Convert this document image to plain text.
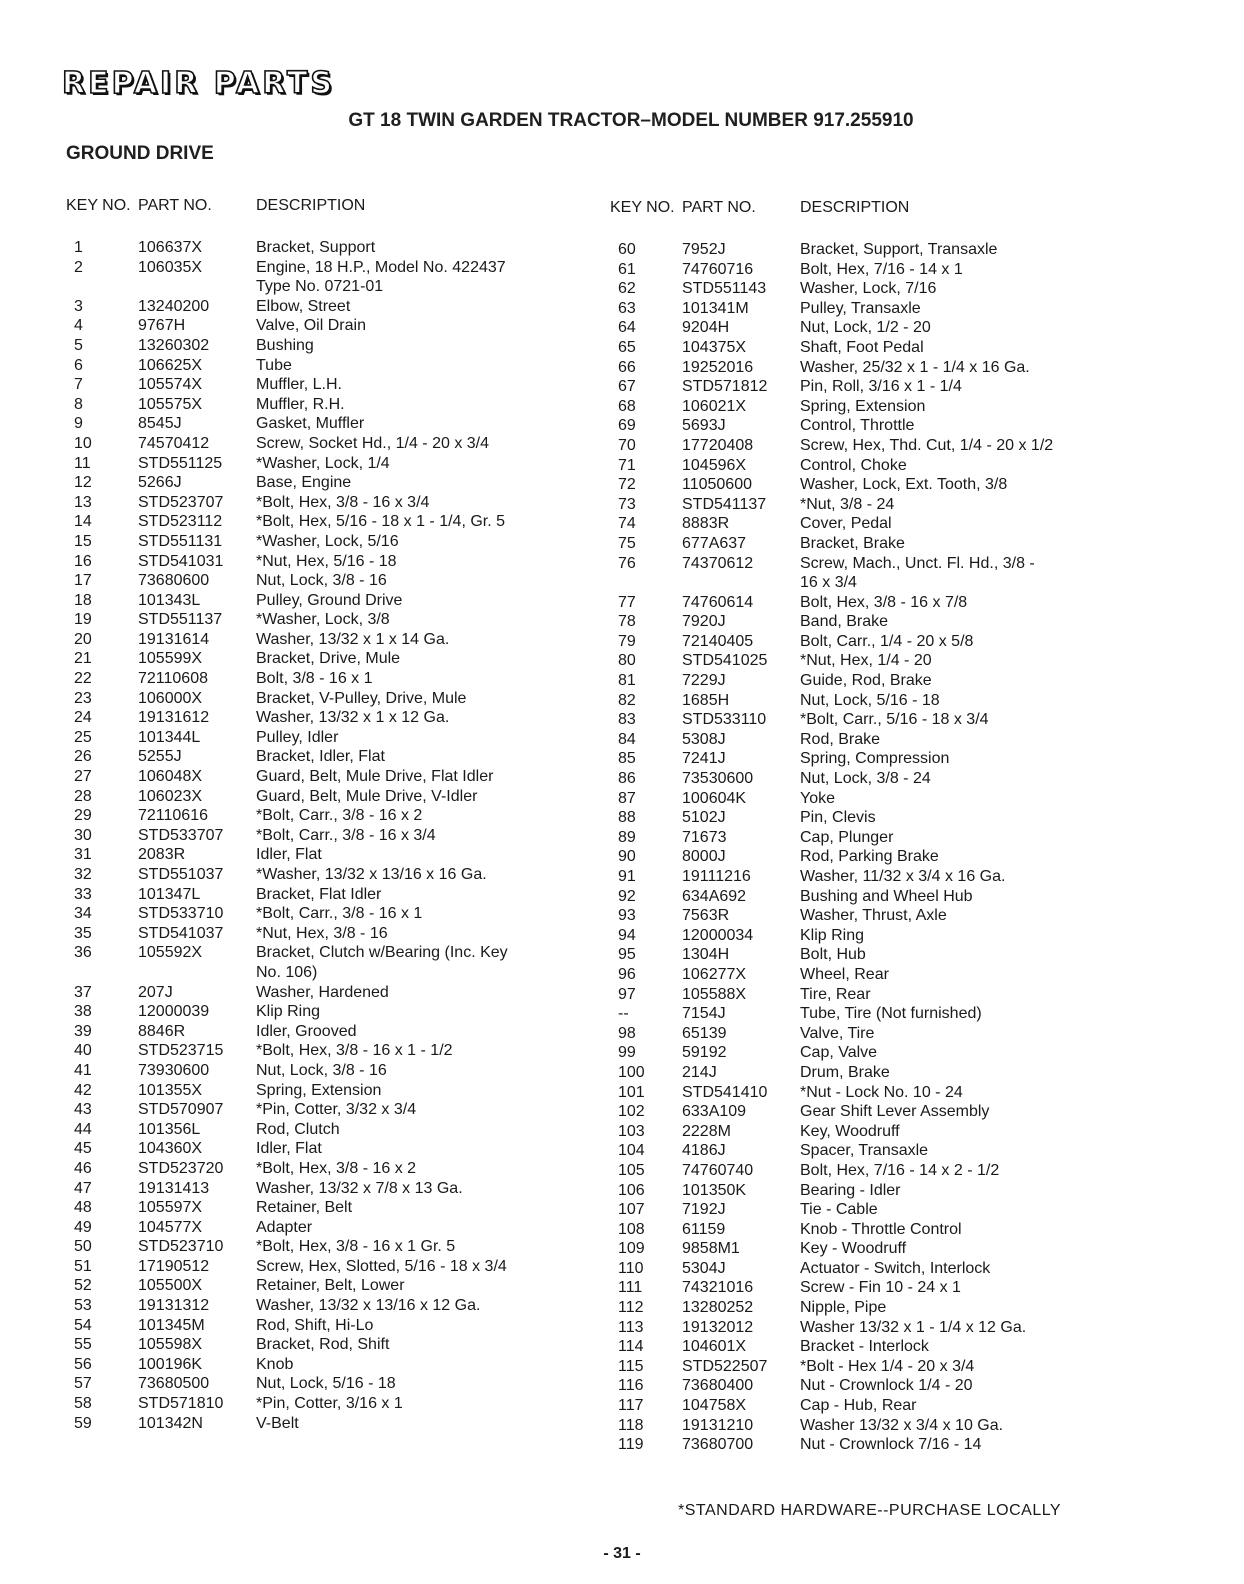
REPAIR PARTS
GT 18 TWIN GARDEN TRACTOR–MODEL NUMBER 917.255910
GROUND DRIVE
KEY NO. PART NO.	DESCRIPTION
1	106637X	Bracket, Support
2	106035X	Engine, 18 H.P., Model No. 422437
Type No. 0721-01
3	13240200	Elbow, Street
4	9767H	Valve, Oil Drain
5	13260302	Bushing
6	106625X	Tube
7	105574X	Muffler, L.H.
8	105575X	Muffler, R.H.
9	8545J	Gasket, Muffler
10	74570412	Screw, Socket Hd., 1/4 - 20 x 3/4
11	STD551125	*Washer, Lock, 1/4
12	5266J	Base, Engine
13	STD523707	*Bolt, Hex, 3/8 - 16 x 3/4
14	STD523112	*Bolt, Hex, 5/16 - 18 x 1 - 1/4, Gr. 5
15	STD551131	*Washer, Lock, 5/16
16	STD541031	*Nut, Hex, 5/16 - 18
17	73680600	Nut, Lock, 3/8 - 16
18	101343L	Pulley, Ground Drive
19	STD551137	*Washer, Lock, 3/8
20	19131614	Washer, 13/32 x 1 x 14 Ga.
21	105599X	Bracket, Drive, Mule
22	72110608	Bolt, 3/8 - 16 x 1
23	106000X	Bracket, V-Pulley, Drive, Mule
24	19131612	Washer, 13/32 x 1 x 12 Ga.
25	101344L	Pulley, Idler
26	5255J	Bracket, Idler, Flat
27	106048X	Guard, Belt, Mule Drive, Flat Idler
28	106023X	Guard, Belt, Mule Drive, V-Idler
29	72110616	*Bolt, Carr., 3/8 - 16 x 2
30	STD533707	*Bolt, Carr., 3/8 - 16 x 3/4
31	2083R	Idler, Flat
32	STD551037	*Washer, 13/32 x 13/16 x 16 Ga.
33	101347L	Bracket, Flat Idler
34	STD533710	*Bolt, Carr., 3/8 - 16 x 1
35	STD541037	*Nut, Hex, 3/8 - 16
36	105592X	Bracket, Clutch w/Bearing (Inc. Key
No. 106)
37	207J	Washer, Hardened
38	12000039	Klip Ring
39	8846R	Idler, Grooved
40	STD523715	*Bolt, Hex, 3/8 - 16 x 1 - 1/2
41	73930600	Nut, Lock, 3/8 - 16
42	101355X	Spring, Extension
43	STD570907	*Pin, Cotter, 3/32 x 3/4
44	101356L	Rod, Clutch
45	104360X	Idler, Flat
46	STD523720	*Bolt, Hex, 3/8 - 16 x 2
47	19131413	Washer, 13/32 x 7/8 x 13 Ga.
48	105597X	Retainer, Belt
49	104577X	Adapter
50	STD523710	*Bolt, Hex, 3/8 - 16 x 1 Gr. 5
51	17190512	Screw, Hex, Slotted, 5/16 - 18 x 3/4
52	105500X	Retainer, Belt, Lower
53	19131312	Washer, 13/32 x 13/16 x 12 Ga.
54	101345M	Rod, Shift, Hi-Lo
55	105598X	Bracket, Rod, Shift
56	100196K	Knob
57	73680500	Nut, Lock, 5/16 - 18
58	STD571810	*Pin, Cotter, 3/16 x 1
59	101342N	V-Belt
KEY NO. PART NO.	DESCRIPTION
60	7952J	Bracket, Support, Transaxle
61	74760716	Bolt, Hex, 7/16 - 14 x 1
62	STD551143	Washer, Lock, 7/16
63	101341M	Pulley, Transaxle
64	9204H	Nut, Lock, 1/2 - 20
65	104375X	Shaft, Foot Pedal
66	19252016	Washer, 25/32 x 1 - 1/4 x 16 Ga.
67	STD571812	Pin, Roll, 3/16 x 1 - 1/4
68	106021X	Spring, Extension
69	5693J	Control, Throttle
70	17720408	Screw, Hex, Thd. Cut, 1/4 - 20 x 1/2
71	104596X	Control, Choke
72	11050600	Washer, Lock, Ext. Tooth, 3/8
73	STD541137	*Nut, 3/8 - 24
74	8883R	Cover, Pedal
75	677A637	Bracket, Brake
76	74370612	Screw, Mach., Unct. Fl. Hd., 3/8 -
16 x 3/4
77	74760614	Bolt, Hex, 3/8 - 16 x 7/8
78	7920J	Band, Brake
79	72140405	Bolt, Carr., 1/4 - 20 x 5/8
80	STD541025	*Nut, Hex, 1/4 - 20
81	7229J	Guide, Rod, Brake
82	1685H	Nut, Lock, 5/16 - 18
83	STD533110	*Bolt, Carr., 5/16 - 18 x 3/4
84	5308J	Rod, Brake
85	7241J	Spring, Compression
86	73530600	Nut, Lock, 3/8 - 24
87	100604K	Yoke
88	5102J	Pin, Clevis
89	71673	Cap, Plunger
90	8000J	Rod, Parking Brake
91	19111216	Washer, 11/32 x 3/4 x 16 Ga.
92	634A692	Bushing and Wheel Hub
93	7563R	Washer, Thrust, Axle
94	12000034	Klip Ring
95	1304H	Bolt, Hub
96	106277X	Wheel, Rear
97	105588X	Tire, Rear
--	7154J	Tube, Tire (Not furnished)
98	65139	Valve, Tire
99	59192	Cap, Valve
100	214J	Drum, Brake
101	STD541410	*Nut - Lock No. 10 - 24
102	633A109	Gear Shift Lever Assembly
103	2228M	Key, Woodruff
104	4186J	Spacer, Transaxle
105	74760740	Bolt, Hex, 7/16 - 14 x 2 - 1/2
106	101350K	Bearing - Idler
107	7192J	Tie - Cable
108	61159	Knob - Throttle Control
109	9858M1	Key - Woodruff
110	5304J	Actuator - Switch, Interlock
111	74321016	Screw - Fin 10 - 24 x 1
112	13280252	Nipple, Pipe
113	19132012	Washer 13/32 x 1 - 1/4 x 12 Ga.
114	104601X	Bracket - Interlock
115	STD522507	*Bolt - Hex 1/4 - 20 x 3/4
116	73680400	Nut - Crownlock 1/4 - 20
117	104758X	Cap - Hub, Rear
118	19131210	Washer 13/32 x 3/4 x 10 Ga.
119	73680700	Nut - Crownlock 7/16 - 14
*STANDARD HARDWARE--PURCHASE LOCALLY
- 31 -
